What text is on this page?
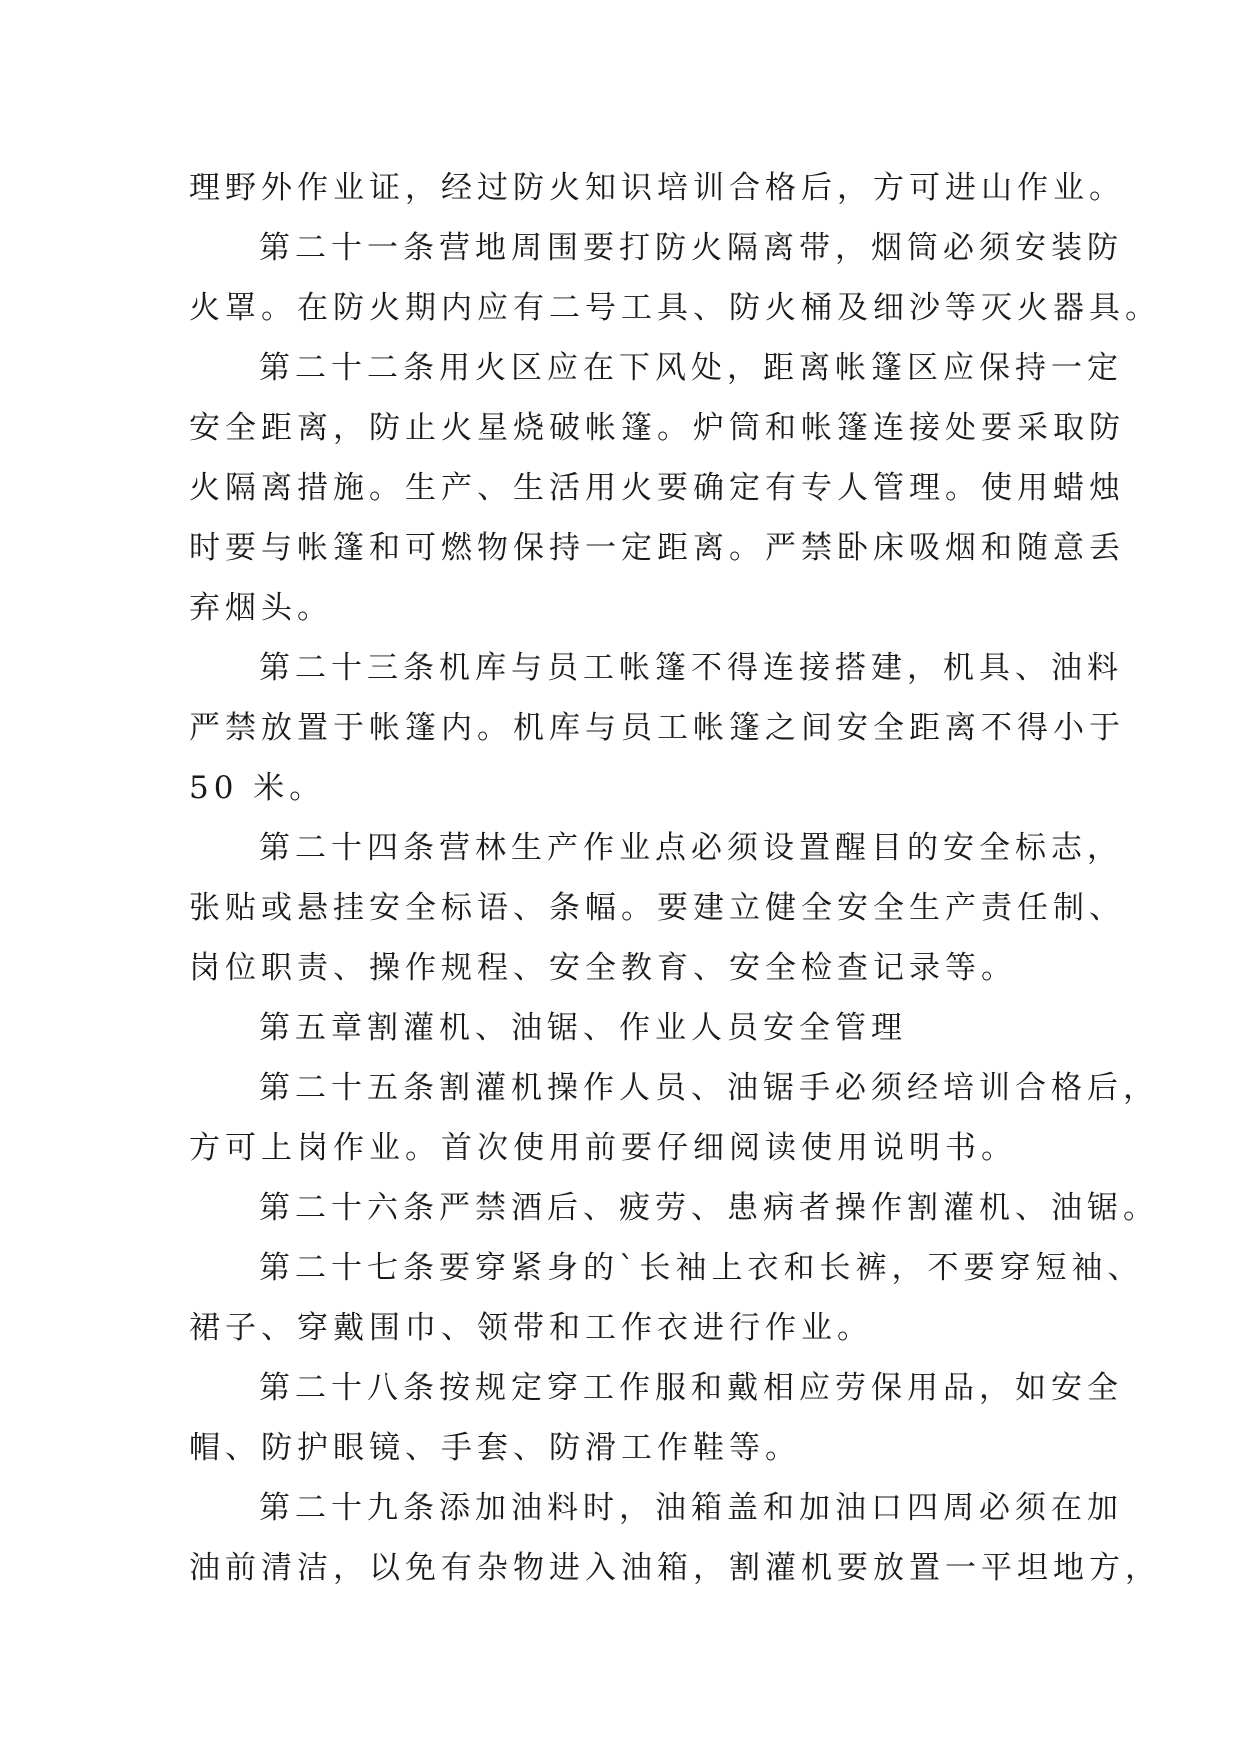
理野外作业证，经过防火知识培训合格后，方可进山作业。
第二十一条营地周围要打防火隔离带，烟筒必须安装防
火罩。在防火期内应有二号工具、防火桶及细沙等灭火器具。
第二十二条用火区应在下风处，距离帐篷区应保持一定
安全距离，防止火星烧破帐篷。炉筒和帐篷连接处要采取防
火隔离措施。生产、生活用火要确定有专人管理。使用蜡烛
时要与帐篷和可燃物保持一定距离。严禁卧床吸烟和随意丢
弃烟头。
第二十三条机库与员工帐篷不得连接搭建，机具、油料
严禁放置于帐篷内。机库与员工帐篷之间安全距离不得小于
50 米。
第二十四条营林生产作业点必须设置醒目的安全标志，
张贴或悬挂安全标语、条幅。要建立健全安全生产责任制、
岗位职责、操作规程、安全教育、安全检查记录等。
第五章割灌机、油锯、作业人员安全管理
第二十五条割灌机操作人员、油锯手必须经培训合格后，
方可上岗作业。首次使用前要仔细阅读使用说明书。
第二十六条严禁酒后、疲劳、患病者操作割灌机、油锯。
第二十七条要穿紧身的`长袖上衣和长裤，不要穿短袖、
裙子、穿戴围巾、领带和工作衣进行作业。
第二十八条按规定穿工作服和戴相应劳保用品，如安全
帽、防护眼镜、手套、防滑工作鞋等。
第二十九条添加油料时，油箱盖和加油口四周必须在加
油前清洁，以免有杂物进入油箱，割灌机要放置一平坦地方，
